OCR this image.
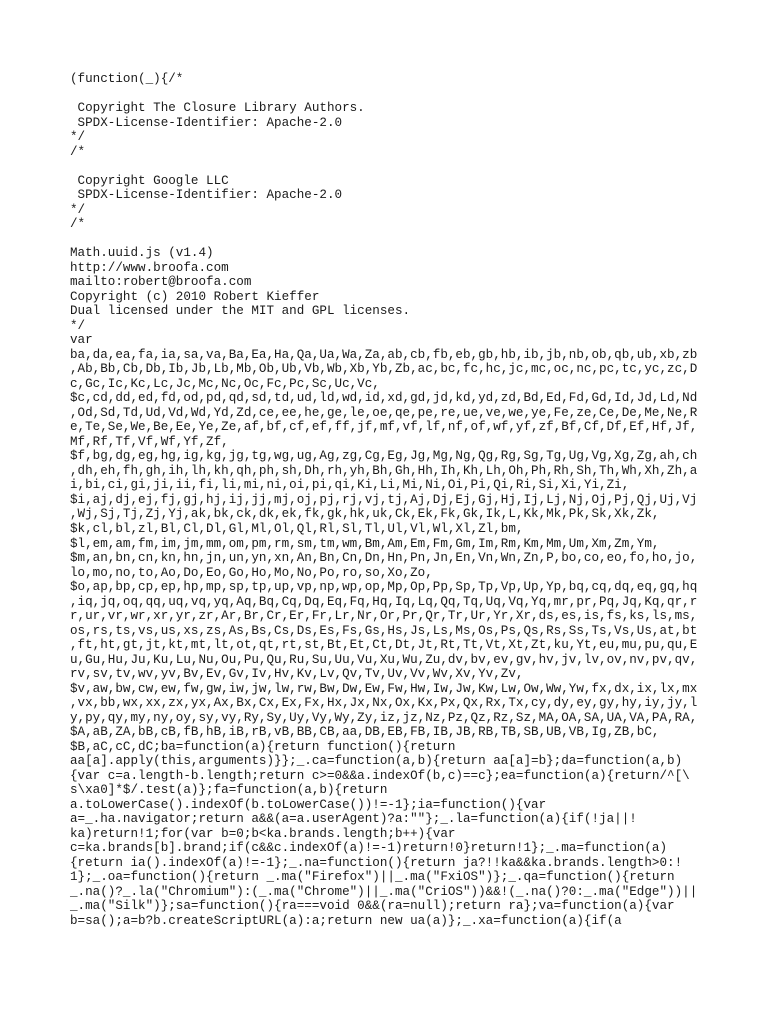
(function(_){/*

Copyright The Closure Library Authors.
SPDX-License-Identifier: Apache-2.0
*/
/*

Copyright Google LLC
SPDX-License-Identifier: Apache-2.0
*/
/*

Math.uuid.js (v1.4)
http://www.broofa.com
mailto:robert@broofa.com
Copyright (c) 2010 Robert Kieffer
Dual licensed under the MIT and GPL licenses.
*/
var
ba,da,ea,fa,ia,sa,va,Ba,Ea,Ha,Qa,Ua,Wa,Za,ab,cb,fb,eb,gb,hb,ib,jb,nb,ob,qb,ub,xb,zb
,Ab,Bb,Cb,Db,Ib,Jb,Lb,Mb,Ob,Ub,Vb,Wb,Xb,Yb,Zb,ac,bc,fc,hc,jc,mc,oc,nc,pc,tc,yc,zc,D
c,Gc,Ic,Kc,Lc,Jc,Mc,Nc,Oc,Fc,Pc,Sc,Uc,Vc,
$c,cd,dd,ed,fd,od,pd,qd,sd,td,ud,ld,wd,id,xd,gd,jd,kd,yd,zd,Bd,Ed,Fd,Gd,Id,Jd,Ld,Nd
,Od,Sd,Td,Ud,Vd,Wd,Yd,Zd,ce,ee,he,ge,le,oe,qe,pe,re,ue,ve,we,ye,Fe,ze,Ce,De,Me,Ne,R
e,Te,Se,We,Be,Ee,Ye,Ze,af,bf,cf,ef,ff,jf,mf,vf,lf,nf,of,wf,yf,zf,Bf,Cf,Df,Ef,Hf,Jf,
Mf,Rf,Tf,Vf,Wf,Yf,Zf,
$f,bg,dg,eg,hg,ig,kg,jg,tg,wg,ug,Ag,zg,Cg,Eg,Jg,Mg,Ng,Qg,Rg,Sg,Tg,Ug,Vg,Xg,Zg,ah,ch
,dh,eh,fh,gh,ih,lh,kh,qh,ph,sh,Dh,rh,yh,Bh,Gh,Hh,Ih,Kh,Lh,Oh,Ph,Rh,Sh,Th,Wh,Xh,Zh,a
i,bi,ci,gi,ji,ii,fi,li,mi,ni,oi,pi,qi,Ki,Li,Mi,Ni,Oi,Pi,Qi,Ri,Si,Xi,Yi,Zi,
$i,aj,dj,ej,fj,gj,hj,ij,jj,mj,oj,pj,rj,vj,tj,Aj,Dj,Ej,Gj,Hj,Ij,Lj,Nj,Oj,Pj,Qj,Uj,Vj
,Wj,Sj,Tj,Zj,Yj,ak,bk,ck,dk,ek,fk,gk,hk,uk,Ck,Ek,Fk,Gk,Ik,L,Kk,Mk,Pk,Sk,Xk,Zk,
$k,cl,bl,zl,Bl,Cl,Dl,Gl,Ml,Ol,Ql,Rl,Sl,Tl,Ul,Vl,Wl,Xl,Zl,bm,
$l,em,am,fm,im,jm,mm,om,pm,rm,sm,tm,wm,Bm,Am,Em,Fm,Gm,Im,Rm,Km,Mm,Um,Xm,Zm,Ym,
$m,an,bn,cn,kn,hn,jn,un,yn,xn,An,Bn,Cn,Dn,Hn,Pn,Jn,En,Vn,Wn,Zn,P,bo,co,eo,fo,ho,jo,
lo,mo,no,to,Ao,Do,Eo,Go,Ho,Mo,No,Po,ro,so,Xo,Zo,
$o,ap,bp,cp,ep,hp,mp,sp,tp,up,vp,np,wp,op,Mp,Op,Pp,Sp,Tp,Vp,Up,Yp,bq,cq,dq,eq,gq,hq
,iq,jq,oq,qq,uq,vq,yq,Aq,Bq,Cq,Dq,Eq,Fq,Hq,Iq,Lq,Qq,Tq,Uq,Vq,Yq,mr,pr,Pq,Jq,Kq,qr,r
r,ur,vr,wr,xr,yr,zr,Ar,Br,Cr,Er,Fr,Lr,Nr,Or,Pr,Qr,Tr,Ur,Yr,Xr,ds,es,is,fs,ks,ls,ms,
os,rs,ts,vs,us,xs,zs,As,Bs,Cs,Ds,Es,Fs,Gs,Hs,Js,Ls,Ms,Os,Ps,Qs,Rs,Ss,Ts,Vs,Us,at,bt
,ft,ht,gt,jt,kt,mt,lt,ot,qt,rt,st,Bt,Et,Ct,Dt,Jt,Rt,Tt,Vt,Xt,Zt,ku,Yt,eu,mu,pu,qu,E
u,Gu,Hu,Ju,Ku,Lu,Nu,Ou,Pu,Qu,Ru,Su,Uu,Vu,Xu,Wu,Zu,dv,bv,ev,gv,hv,jv,lv,ov,nv,pv,qv,
rv,sv,tv,wv,yv,Bv,Ev,Gv,Iv,Hv,Kv,Lv,Qv,Tv,Uv,Vv,Wv,Xv,Yv,Zv,
$v,aw,bw,cw,ew,fw,gw,iw,jw,lw,rw,Bw,Dw,Ew,Fw,Hw,Iw,Jw,Kw,Lw,Ow,Ww,Yw,fx,dx,ix,lx,mx
,vx,bb,wx,xx,zx,yx,Ax,Bx,Cx,Ex,Fx,Hx,Jx,Nx,Ox,Kx,Px,Qx,Rx,Tx,cy,dy,ey,gy,hy,iy,jy,l
y,py,qy,my,ny,oy,sy,vy,Ry,Sy,Uy,Vy,Wy,Zy,iz,jz,Nz,Pz,Qz,Rz,Sz,MA,OA,SA,UA,VA,PA,RA,
$A,aB,ZA,bB,cB,fB,hB,iB,rB,vB,BB,CB,aa,DB,EB,FB,IB,JB,RB,TB,SB,UB,VB,Ig,ZB,bC,
$B,aC,cC,dC;ba=function(a){return function(){return
aa[a].apply(this,arguments)}};_.ca=function(a,b){return aa[a]=b};da=function(a,b)
{var c=a.length-b.length;return c>=0&&a.indexOf(b,c)==c};ea=function(a){return/^[\
s\xa0]*$/.test(a)};fa=function(a,b){return
a.toLowerCase().indexOf(b.toLowerCase())!=-1};ia=function(){var
a=_.ha.navigator;return a&&(a=a.userAgent)?a:""};_.la=function(a){if(!ja||!
ka)return!1;for(var b=0;b<ka.brands.length;b++){var
c=ka.brands[b].brand;if(c&&c.indexOf(a)!=-1)return!0}return!1};_.ma=function(a)
{return ia().indexOf(a)!=-1};_.na=function(){return ja?!!ka&&ka.brands.length>0:!
1};_.oa=function(){return _.ma("Firefox")||_.ma("FxiOS")};_.qa=function(){return
_.na()?_.la("Chromium"):(_.ma("Chrome")||_.ma("CriOS"))&&!(_.na()?0:_.ma("Edge"))||
_.ma("Silk")};sa=function(){ra===void 0&&(ra=null);return ra};va=function(a){var
b=sa();a=b?b.createScriptURL(a):a;return new ua(a)};_.xa=function(a){if(a
